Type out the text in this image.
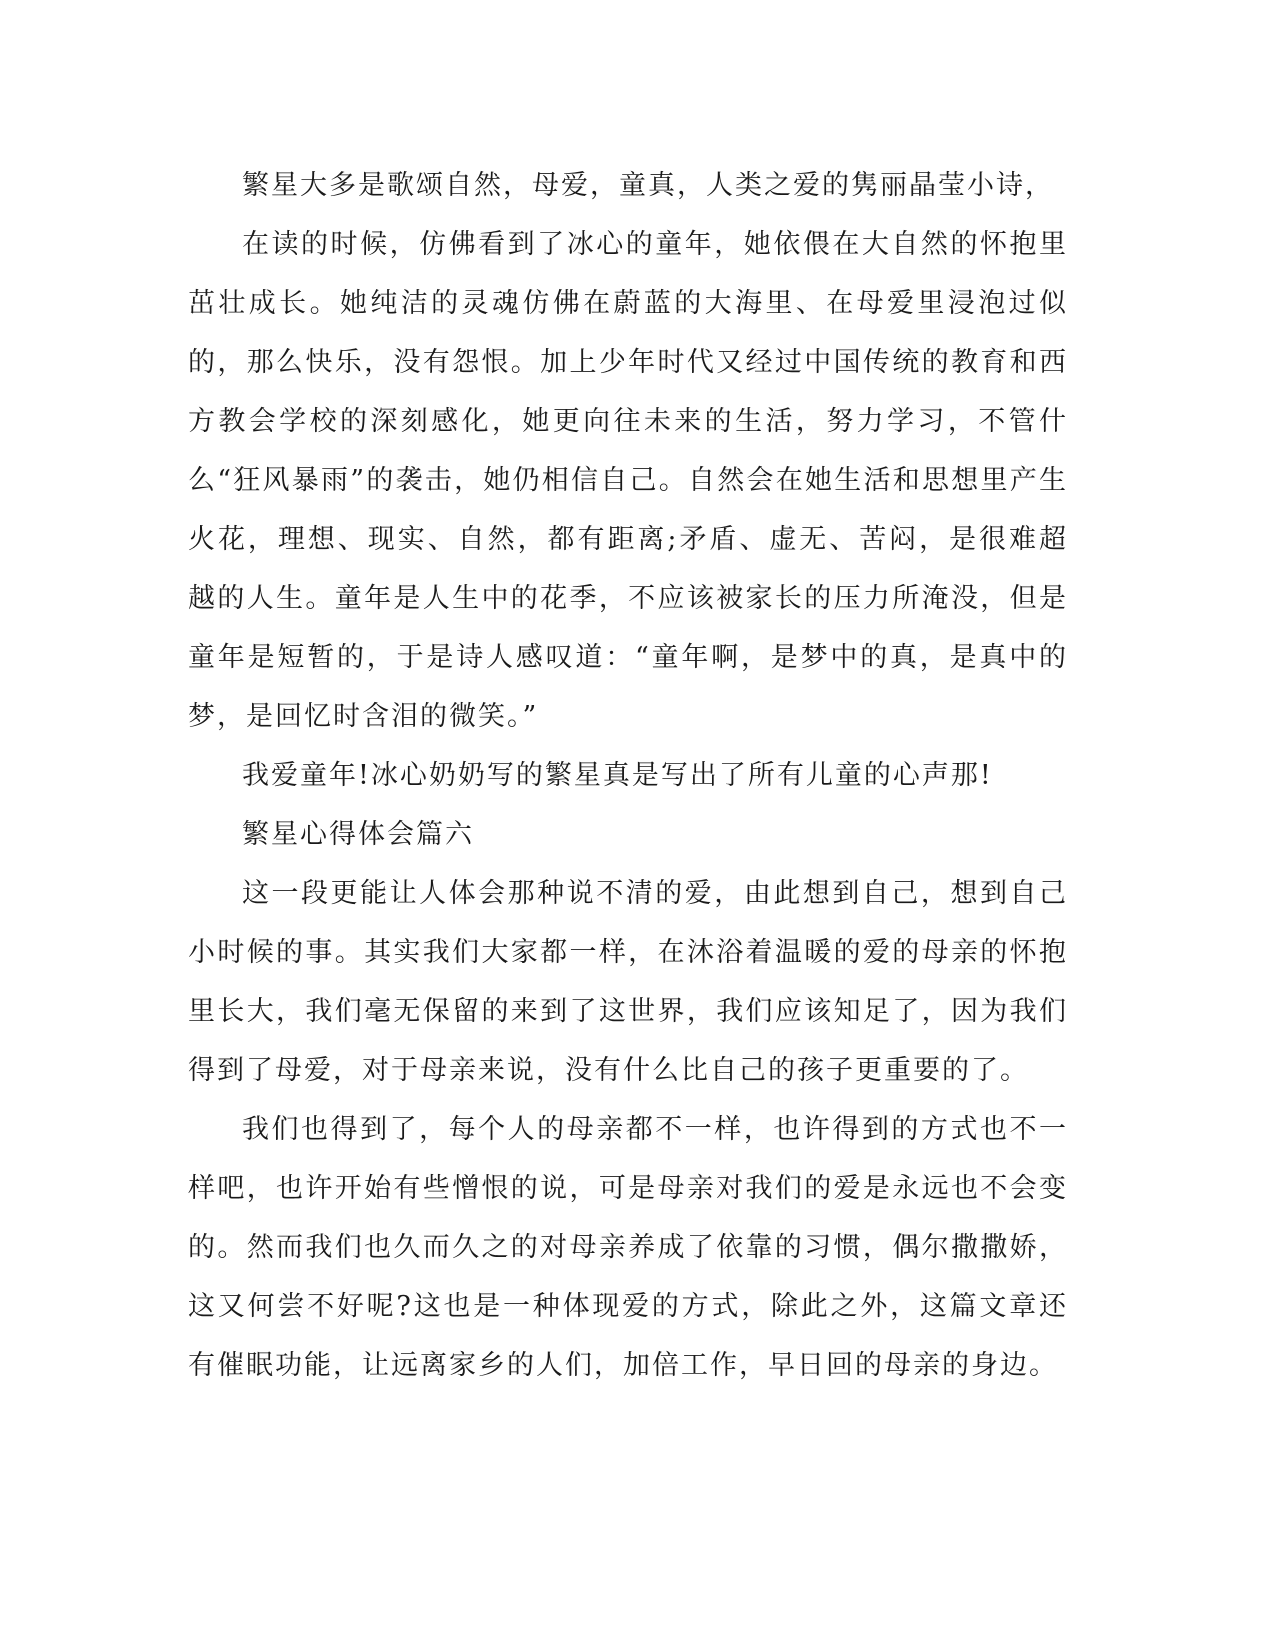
繁星大多是歌颂自然，母爱，童真，人类之爱的隽丽晶莹小诗，

在读的时候，仿佛看到了冰心的童年，她依偎在大自然的怀抱里茁壮成长。她纯洁的灵魂仿佛在蔚蓝的大海里、在母爱里浸泡过似的，那么快乐，没有怨恨。加上少年时代又经过中国传统的教育和西方教会学校的深刻感化，她更向往未来的生活，努力学习，不管什么“狂风暴雨”的袭击，她仍相信自己。自然会在她生活和思想里产生火花，理想、现实、自然，都有距离;矛盾、虚无、苦闷，是很难超越的人生。童年是人生中的花季，不应该被家长的压力所淹没，但是童年是短暂的，于是诗人感叹道：“童年啊，是梦中的真，是真中的梦，是回忆时含泪的微笑。”

我爱童年!冰心奶奶写的繁星真是写出了所有儿童的心声那!

繁星心得体会篇六

这一段更能让人体会那种说不清的爱，由此想到自己，想到自己小时候的事。其实我们大家都一样，在沐浴着温暖的爱的母亲的怀抱里长大，我们毫无保留的来到了这世界，我们应该知足了，因为我们得到了母爱，对于母亲来说，没有什么比自己的孩子更重要的了。

我们也得到了，每个人的母亲都不一样，也许得到的方式也不一样吧，也许开始有些憎恨的说，可是母亲对我们的爱是永远也不会变的。然而我们也久而久之的对母亲养成了依靠的习惯，偶尔撒撒娇，这又何尝不好呢?这也是一种体现爱的方式，除此之外，这篇文章还有催眠功能，让远离家乡的人们，加倍工作，早日回的母亲的身边。
